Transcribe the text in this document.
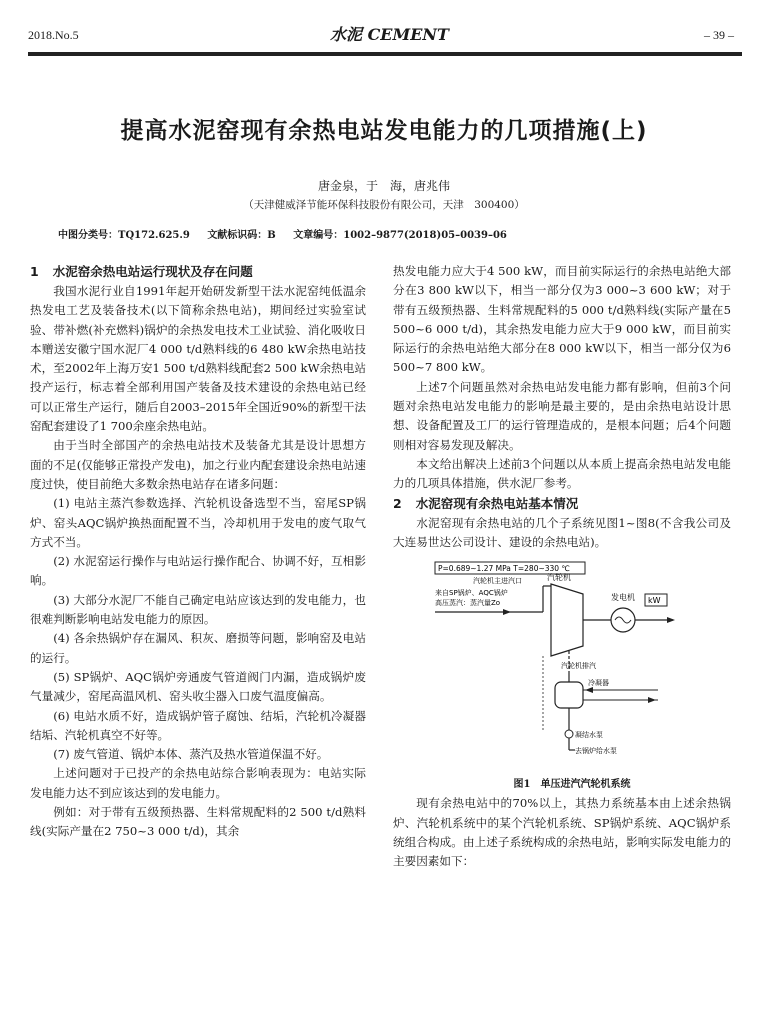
2018.No.5	水泥 CEMENT	– 39 –
提高水泥窑现有余热电站发电能力的几项措施(上)
唐金泉，于　海，唐兆伟
（天津健威泽节能环保科技股份有限公司，天津　300400）
中图分类号：TQ172.625.9 文献标识码：B 文章编号：1002–9877(2018)05–0039–06
1 水泥窑余热电站运行现状及存在问题

我国水泥行业自1991年起开始研发新型干法水泥窑纯低温余热发电工艺及装备技术(以下简称余热电站)，期间经过实验室试验、带补燃(补充燃料)锅炉的余热发电技术工业试验、消化吸收日本赠送安徽宁国水泥厂4 000 t/d熟料线的6 480 kW余热电站技术，至2002年上海万安1 500 t/d熟料线配套2 500 kW余热电站投产运行，标志着全部利用国产装备及技术建设的余热电站已经可以正常生产运行，随后自2003–2015年全国近90%的新型干法窑配套建设了1 700余座余热电站。

由于当时全部国产的余热电站技术及装备尤其是设计思想方面的不足(仅能够正常投产发电)，加之行业内配套建设余热电站速度过快，使目前绝大多数余热电站存在诸多问题：

(1) 电站主蒸汽参数选择、汽轮机设备选型不当，窑尾SP锅炉、窑头AQC锅炉换热面配置不当，冷却机用于发电的废气取气方式不当。

(2) 水泥窑运行操作与电站运行操作配合、协调不好，互相影响。

(3) 大部分水泥厂不能自己确定电站应该达到的发电能力，也很难判断影响电站发电能力的原因。

(4) 各余热锅炉存在漏风、积灰、磨损等问题，影响窑及电站的运行。

(5) SP锅炉、AQC锅炉旁通废气管道阀门内漏，造成锅炉废气量减少，窑尾高温风机、窑头收尘器入口废气温度偏高。

(6) 电站水质不好，造成锅炉管子腐蚀、结垢，汽轮机冷凝器结垢、汽轮机真空不好等。

(7) 废气管道、锅炉本体、蒸汽及热水管道保温不好。

上述问题对于已投产的余热电站综合影响表现为：电站实际发电能力达不到应该达到的发电能力。

例如：对于带有五级预热器、生料常规配料的2 500 t/d熟料线(实际产量在2 750~3 000 t/d)，其余

热发电能力应大于4 500 kW，而目前实际运行的余热电站绝大部分在3 800 kW以下，相当一部分仅为3 000~3 600 kW；对于带有五级预热器、生料常规配料的5 000 t/d熟料线(实际产量在5 500~6 000 t/d)，其余热发电能力应大于9 000 kW，而目前实际运行的余热电站绝大部分在8 000 kW以下，相当一部分仅为6 500~7 800 kW。

上述7个问题虽然对余热电站发电能力都有影响，但前3个问题对余热电站发电能力的影响是最主要的，是由余热电站设计思想、设备配置及工厂的运行管理造成的，是根本问题；后4个问题则相对容易发现及解决。

本文给出解决上述前3个问题以从本质上提高余热电站发电能力的几项具体措施，供水泥厂参考。

2 水泥窑现有余热电站基本情况

水泥窑现有余热电站的几个子系统见图1~图8(不含我公司及大连易世达公司设计、建设的余热电站)。

P=0.689~1.27 MPa T=280~330 ℃
汽轮机主进汽口
来自SP锅炉、AQC锅炉
高压蒸汽：蒸汽量Zo
汽轮机
发电机 kW
汽轮机排汽
冷凝器
凝结水泵
去锅炉给水泵

图1　单压进汽汽轮机系统

现有余热电站中的70%以上，其热力系统基本由上述余热锅炉、汽轮机系统中的某个汽轮机系统、SP锅炉系统、AQC锅炉系统组合构成。由上述子系统构成的余热电站，影响实际发电能力的主要因素如下：
